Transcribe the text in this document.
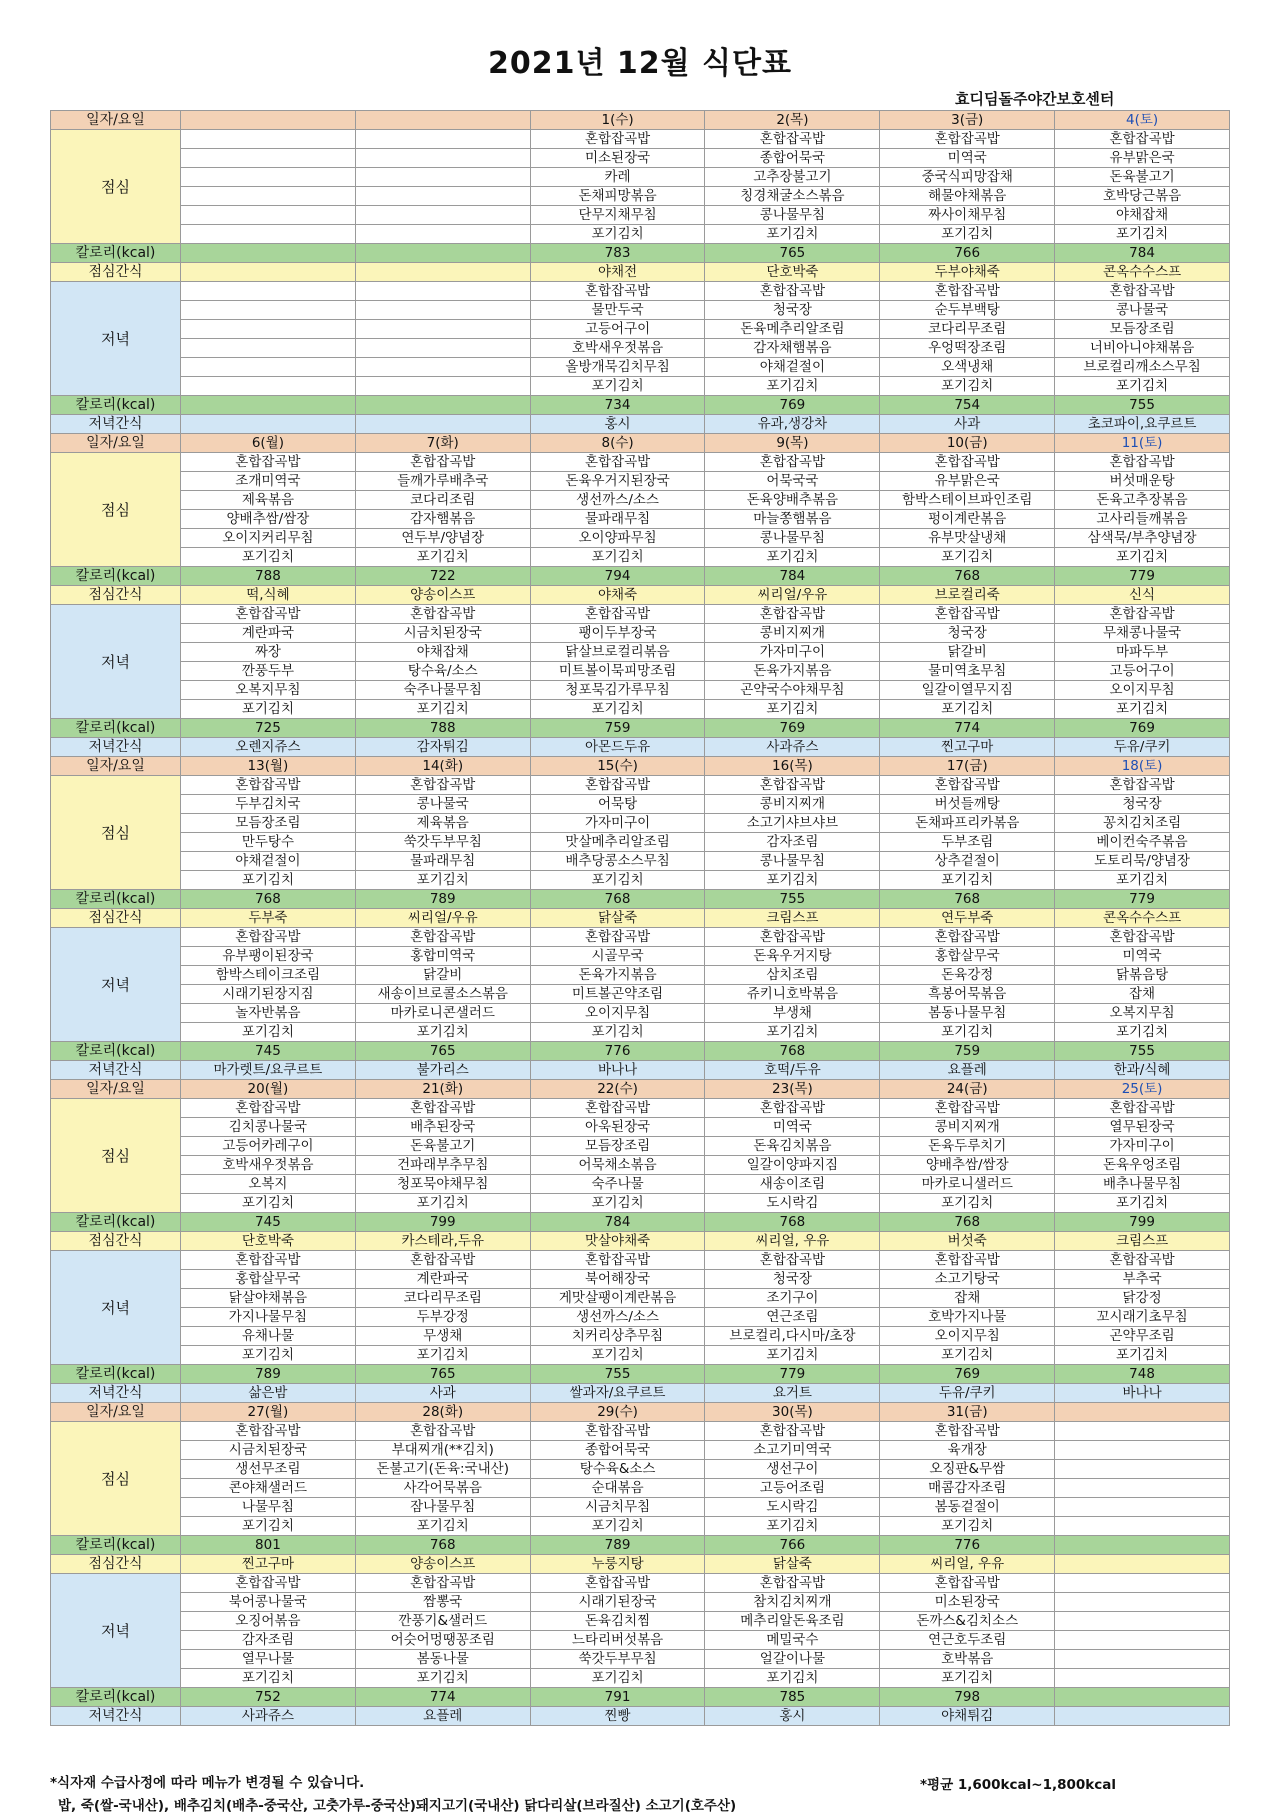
2021년 12월 식단표
효디딤돌주야간보호센터
일자/요일			1(수)	2(목)	3(금)	4(토)
점심			혼합잡곡밥	혼합잡곡밥	혼합잡곡밥	혼합잡곡밥
			미소된장국	종합어묵국	미역국	유부맑은국
			카레	고추장불고기	중국식피망잡채	돈육불고기
			돈채피망볶음	칭경채굴소스볶음	해물야채볶음	호박당근볶음
			단무지채무침	콩나물무침	짜사이채무침	야채잡채
			포기김치	포기김치	포기김치	포기김치
칼로리(kcal)			783	765	766	784
점심간식			야채전	단호박죽	두부야채죽	콘옥수수스프
저녁			혼합잡곡밥	혼합잡곡밥	혼합잡곡밥	혼합잡곡밥
			물만두국	청국장	순두부백탕	콩나물국
			고등어구이	돈육메추리알조림	코다리무조림	모듬장조림
			호박새우젓볶음	감자채햄볶음	우엉떡장조림	너비아니야채볶음
			올방개묵김치무침	야채겉절이	오색냉채	브로컬리깨소스무침
			포기김치	포기김치	포기김치	포기김치
칼로리(kcal)			734	769	754	755
저녁간식			홍시	유과,생강차	사과	초코파이,요쿠르트
일자/요일	6(월)	7(화)	8(수)	9(목)	10(금)	11(토)
점심	혼합잡곡밥	혼합잡곡밥	혼합잡곡밥	혼합잡곡밥	혼합잡곡밥	혼합잡곡밥
	조개미역국	들깨가루배추국	돈육우거지된장국	어묵국국	유부맑은국	버섯매운탕
	제육볶음	코다리조림	생선까스/소스	돈육양배추볶음	함박스테이브파인조림	돈육고추장볶음
	양배추쌈/쌈장	감자햄볶음	물파래무침	마늘쫑햄볶음	펑이계란볶음	고사리들깨볶음
	오이지커리무침	연두부/양념장	오이양파무침	콩나물무침	유부맛살냉채	삼색묵/부추양념장
	포기김치	포기김치	포기김치	포기김치	포기김치	포기김치
칼로리(kcal)	788	722	794	784	768	779
점심간식	떡,식혜	양송이스프	야채죽	씨리얼/우유	브로컬리죽	신식
저녁	혼합잡곡밥	혼합잡곡밥	혼합잡곡밥	혼합잡곡밥	혼합잡곡밥	혼합잡곡밥
	계란파국	시금치된장국	팽이두부장국	콩비지찌개	청국장	무채콩나물국
	짜장	야채잡채	닭살브로컬리볶음	가자미구이	닭갈비	마파두부
	깐풍두부	탕수육/소스	미트볼이묵피망조림	돈육가지볶음	물미역초무침	고등어구이
	오복지무침	숙주나물무침	청포묵김가루무침	곤약국수야채무침	일갈이열무지짐	오이지무침
	포기김치	포기김치	포기김치	포기김치	포기김치	포기김치
칼로리(kcal)	725	788	759	769	774	769
저녁간식	오렌지쥬스	감자튀김	아몬드두유	사과쥬스	찐고구마	두유/쿠키
일자/요일	13(월)	14(화)	15(수)	16(목)	17(금)	18(토)
점심	혼합잡곡밥	혼합잡곡밥	혼합잡곡밥	혼합잡곡밥	혼합잡곡밥	혼합잡곡밥
	두부김치국	콩나물국	어묵탕	콩비지찌개	버섯들깨탕	청국장
	모듬장조림	제육볶음	가자미구이	소고기샤브샤브	돈채파프리카볶음	꽁치김치조림
	만두탕수	쑥갓두부무침	맛살메추리알조림	감자조림	두부조림	베이컨숙주볶음
	야채겉절이	물파래무침	배추당콩소스무침	콩나물무침	상추겉절이	도토리묵/양념장
	포기김치	포기김치	포기김치	포기김치	포기김치	포기김치
칼로리(kcal)	768	789	768	755	768	779
점심간식	두부죽	씨리얼/우유	닭살죽	크림스프	연두부죽	콘옥수수스프
저녁	혼합잡곡밥	혼합잡곡밥	혼합잡곡밥	혼합잡곡밥	혼합잡곡밥	혼합잡곡밥
	유부팽이된장국	홍합미역국	시골무국	돈육우거지탕	홍합살무국	미역국
	함박스테이크조림	닭갈비	돈육가지볶음	삼치조림	돈육강정	닭볶음탕
	시래기된장지짐	새송이브로콜소스볶음	미트볼곤약조림	쥬키니호박볶음	흑봉어묵볶음	잡채
	놀자반볶음	마카로니콘샐러드	오이지무침	부생채	봄동나물무침	오복지무침
	포기김치	포기김치	포기김치	포기김치	포기김치	포기김치
칼로리(kcal)	745	765	776	768	759	755
저녁간식	마가렛트/요쿠르트	불가리스	바나나	호떡/두유	요플레	한과/식혜
일자/요일	20(월)	21(화)	22(수)	23(목)	24(금)	25(토)
점심	혼합잡곡밥	혼합잡곡밥	혼합잡곡밥	혼합잡곡밥	혼합잡곡밥	혼합잡곡밥
	김치콩나물국	배추된장국	아욱된장국	미역국	콩비지찌개	열무된장국
	고등어카레구이	돈육불고기	모듬장조림	돈육김치볶음	돈육두루치기	가자미구이
	호박새우젓볶음	건파래부추무침	어묵채소볶음	일갈이양파지짐	양배추쌈/쌈장	돈육우엉조림
	오복지	청포묵야채무침	숙주나물	새송이조림	마카로니샐러드	배추나물무침
	포기김치	포기김치	포기김치	도시락김	포기김치	포기김치
칼로리(kcal)	745	799	784	768	768	799
점심간식	단호박죽	카스테라,두유	맛살야채죽	씨리얼, 우유	버섯죽	크림스프
저녁	혼합잡곡밥	혼합잡곡밥	혼합잡곡밥	혼합잡곡밥	혼합잡곡밥	혼합잡곡밥
	홍합살무국	계란파국	북어해장국	청국장	소고기탕국	부추국
	닭살야채볶음	코다리무조림	게맛살팽이계란볶음	조기구이	잡채	닭강정
	가지나물무침	두부강정	생선까스/소스	연근조림	호박가지나물	꼬시래기초무침
	유채나물	무생채	치커리상추무침	브로컬리,다시마/초장	오이지무침	곤약무조림
	포기김치	포기김치	포기김치	포기김치	포기김치	포기김치
칼로리(kcal)	789	765	755	779	769	748
저녁간식	삶은밤	사과	쌀과자/요쿠르트	요거트	두유/쿠키	바나나
일자/요일	27(월)	28(화)	29(수)	30(목)	31(금)	
점심	혼합잡곡밥	혼합잡곡밥	혼합잡곡밥	혼합잡곡밥	혼합잡곡밥	
	시금치된장국	부대찌개(**김치)	종합어묵국	소고기미역국	육개장	
	생선무조림	돈불고기(돈육:국내산)	탕수육&소스	생선구이	오징판&무쌈	
	콘야채샐러드	사각어묵볶음	순대볶음	고등어조림	매콤감자조림	
	나물무침	잠나물무침	시금치무침	도시락김	봄동겉절이	
	포기김치	포기김치	포기김치	포기김치	포기김치	
칼로리(kcal)	801	768	789	766	776	
점심간식	찐고구마	양송이스프	누룽지탕	닭살죽	씨리얼, 우유	
저녁	혼합잡곡밥	혼합잡곡밥	혼합잡곡밥	혼합잡곡밥	혼합잡곡밥	
	북어콩나물국	짬뽕국	시래기된장국	참치김치찌개	미소된장국	
	오징어볶음	깐풍기&샐러드	돈육김치찜	메추리알돈육조림	돈까스&김치소스	
	감자조림	어슷어멍땡꽁조림	느타리버섯볶음	메밀국수	연근호두조림	
	열무나물	봄동나물	쑥갓두부무침	얼갈이나물	호박볶음	
	포기김치	포기김치	포기김치	포기김치	포기김치	
칼로리(kcal)	752	774	791	785	798	
저녁간식	사과쥬스	요플레	찐빵	홍시	야채튀김	
*식자재 수급사정에 따라 메뉴가 변경될 수 있습니다.	*평균 1,600kcal~1,800kcal
밥, 죽(쌀-국내산), 배추김치(배추-중국산, 고춧가루-중국산)돼지고기(국내산) 닭다리살(브라질산) 소고기(호주산)
